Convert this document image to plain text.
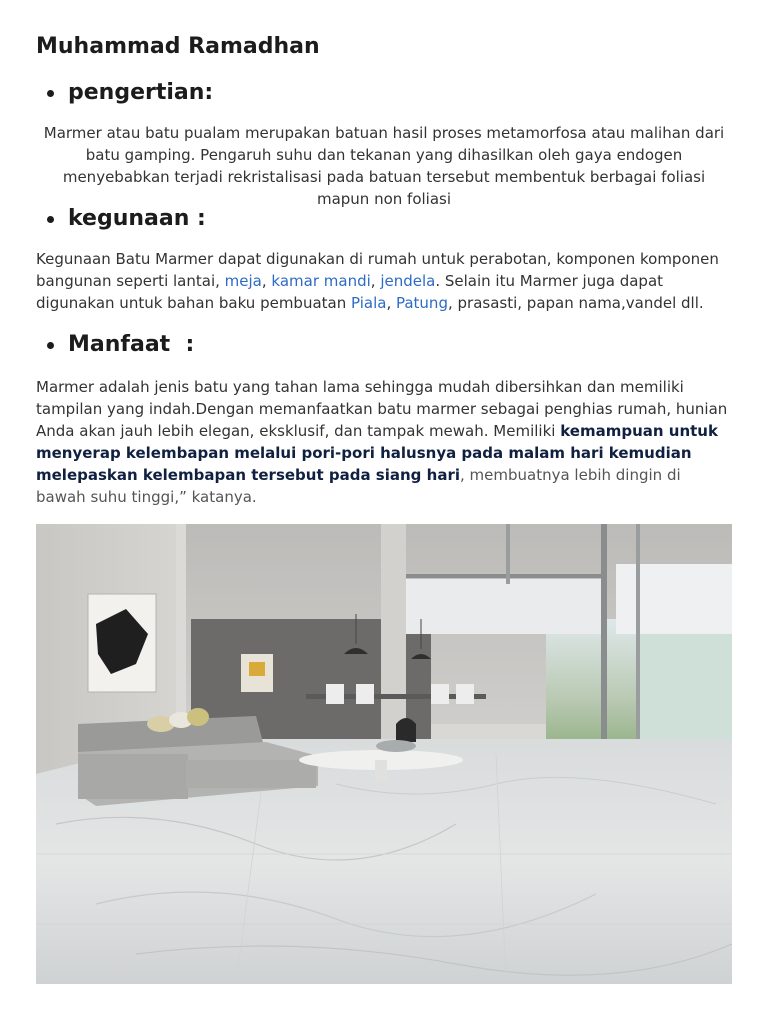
Muhammad Ramadhan
pengertian:

Marmer atau batu pualam merupakan batuan hasil proses metamorfosa atau malihan dari batu gamping. Pengaruh suhu dan tekanan yang dihasilkan oleh gaya endogen menyebabkan terjadi rekristalisasi pada batuan tersebut membentuk berbagai foliasi mapun non foliasi

kegunaan :

Kegunaan Batu Marmer dapat digunakan di rumah untuk perabotan, komponen komponen bangunan seperti lantai, meja, kamar mandi, jendela. Selain itu Marmer juga dapat digunakan untuk bahan baku pembuatan Piala, Patung, prasasti, papan nama,vandel dll.

Manfaat  :

Marmer adalah jenis batu yang tahan lama sehingga mudah dibersihkan dan memiliki tampilan yang indah.Dengan memanfaatkan batu marmer sebagai penghias rumah, hunian Anda akan jauh lebih elegan, eksklusif, dan tampak mewah. Memiliki kemampuan untuk menyerap kelembapan melalui pori-pori halusnya pada malam hari kemudian melepaskan kelembapan tersebut pada siang hari, membuatnya lebih dingin di bawah suhu tinggi,” katanya.
